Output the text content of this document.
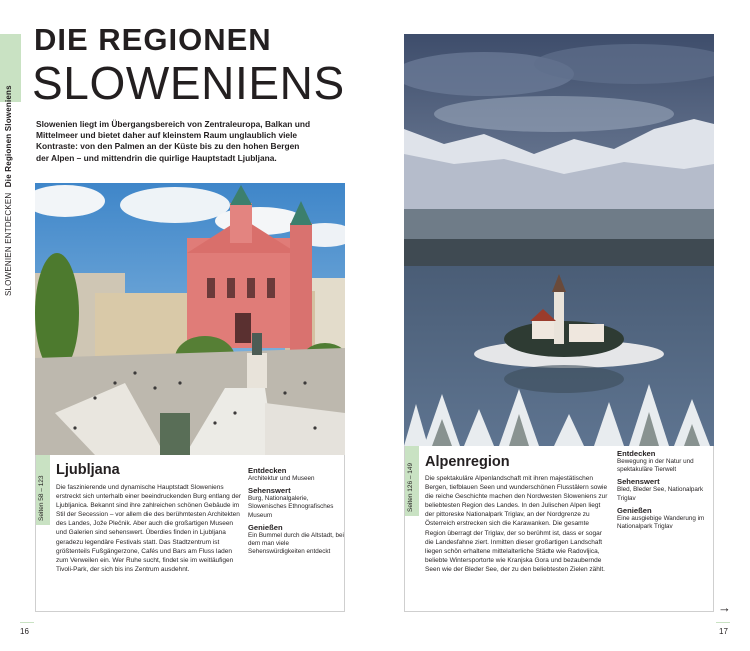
SLOWENIEN ENTDECKEN Die Regionen Sloweniens
DIE REGIONEN
SLOWENIENS

Slowenien liegt im Übergangsbereich von Zentraleuropa, Balkan und Mittelmeer und bietet daher auf kleinstem Raum unglaublich viele Kontraste: von den Palmen an der Küste bis zu den hohen Bergen der Alpen – und mittendrin die quirlige Hauptstadt Ljubljana.

Seiten 58 – 123
Ljubljana

Die faszinierende und dynamische Hauptstadt Sloweniens erstreckt sich unterhalb einer beeindruckenden Burg entlang der Ljubljanica. Bekannt sind ihre zahlreichen schönen Gebäude im Stil der Secession – vor allem die des berühmtesten Architekten des Landes, Jože Plečnik. Aber auch die großartigen Museen und Galerien sind sehenswert. Überdies finden in Ljubljana geradezu legendäre Festivals statt. Das Stadtzentrum ist größtenteils Fußgängerzone, Cafés und Bars am Fluss laden zum Verweilen ein. Wer Ruhe sucht, findet sie im weitläufigen Tivoli-Park, der sich bis ins Zentrum ausdehnt.

Entdecken
Architektur und Museen
Sehenswert
Burg, Nationalgalerie, Slowenisches Ethnografisches Museum
Genießen
Ein Bummel durch die Altstadt, bei dem man viele Sehenswürdigkeiten entdeckt
16
Seiten 126 – 149
Alpenregion

Die spektakuläre Alpenlandschaft mit ihren majestätischen Bergen, tiefblauen Seen und wunderschönen Flusstälern sowie die reiche Geschichte machen den Nordwesten Sloweniens zur beliebtesten Region des Landes. In den Julischen Alpen liegt der pittoreske Nationalpark Triglav, an der Nordgrenze zu Österreich erstrecken sich die Karawanken. Die gesamte Region überragt der Triglav, der so berühmt ist, dass er sogar die Landesfahne ziert. Inmitten dieser großartigen Landschaft liegen schön erhaltene mittelalterliche Städte wie Radovljica, beliebte Wintersportorte wie Kranjska Gora und bezaubernde Seen wie der Bleder See, der zu den beliebtesten Zielen zählt.

Entdecken
Bewegung in der Natur und spektakuläre Tierwelt
Sehenswert
Bled, Bleder See, Nationalpark Triglav
Genießen
Eine ausgiebige Wanderung im Nationalpark Triglav
→
17
